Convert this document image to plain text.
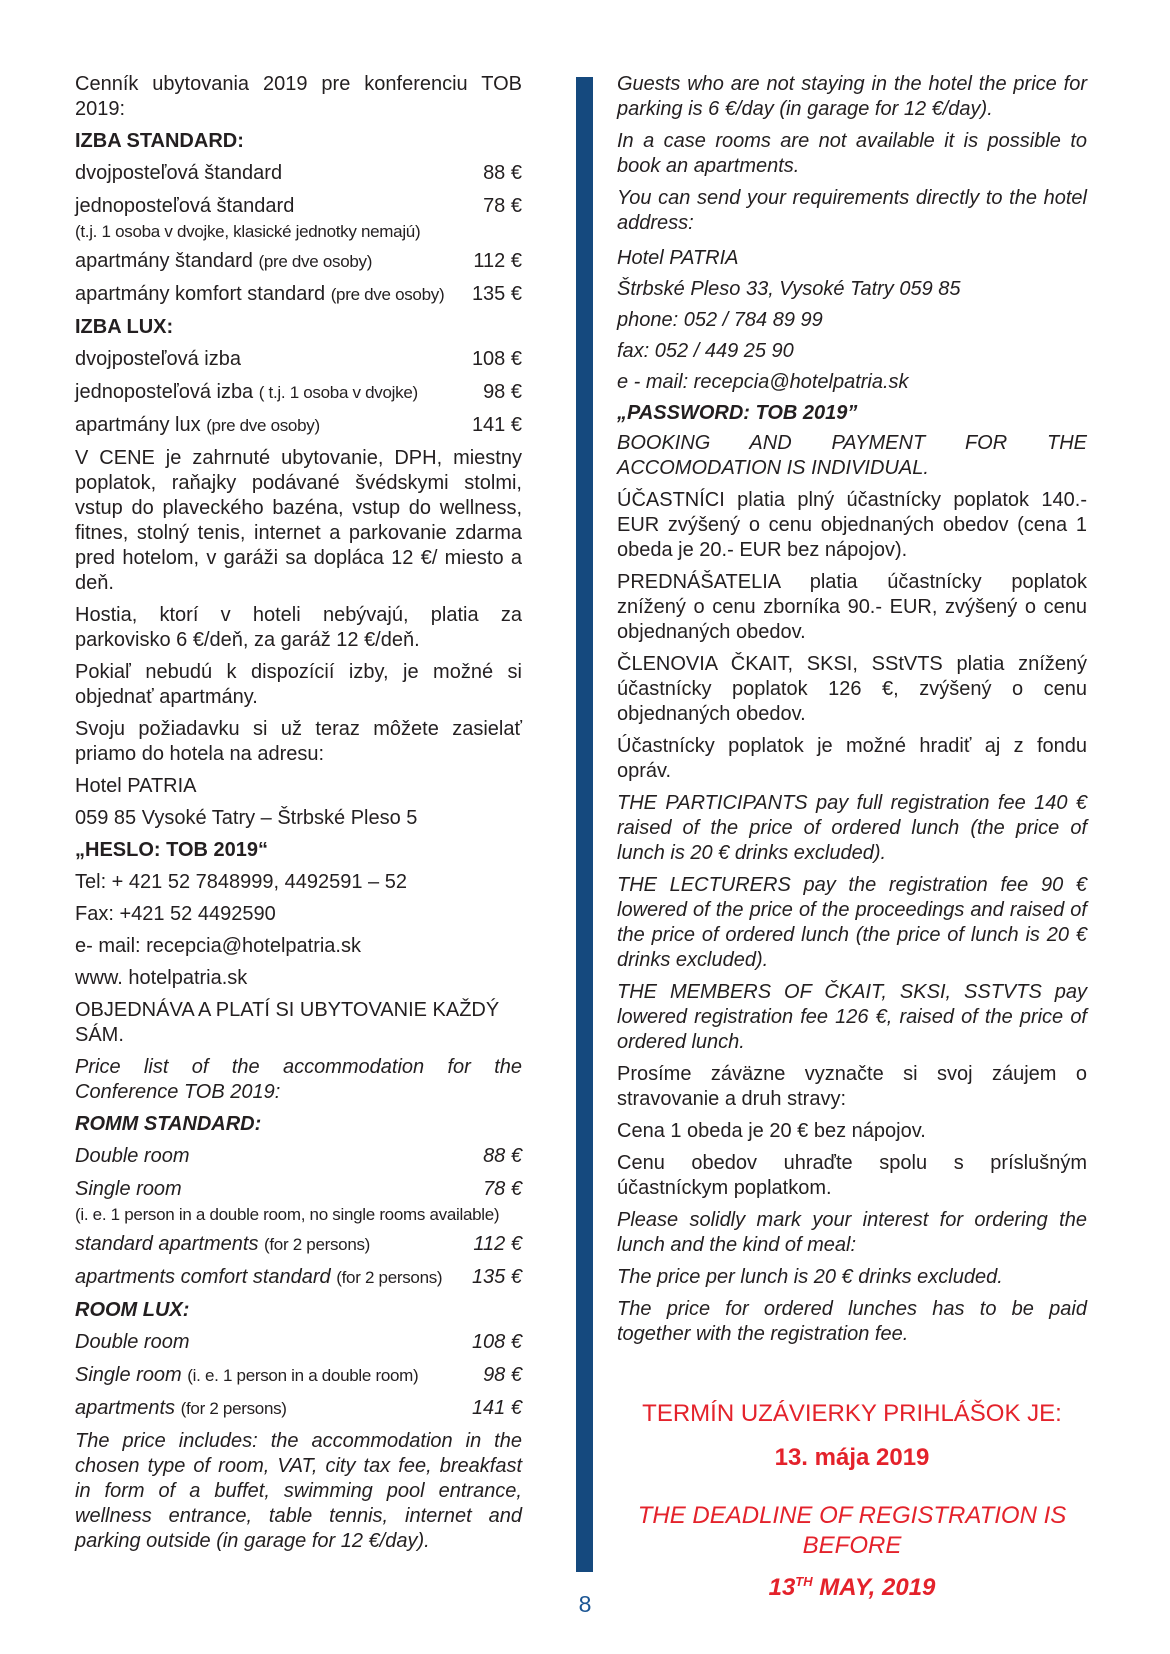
Cenník ubytovania 2019 pre konferenciu TOB 2019:

IZBA STANDARD:

dvojposteľová štandard	88 €
jednoposteľová štandard	78 €
(t.j. 1 osoba v dvojke, klasické jednotky nemajú)
apartmány štandard (pre dve osoby)	112 €
apartmány komfort standard (pre dve osoby)	135 €

IZBA LUX:

dvojposteľová izba	108 €
jednoposteľová izba ( t.j. 1 osoba v dvojke)	98 €
apartmány lux (pre dve osoby)	141 €

V CENE je zahrnuté ubytovanie, DPH, miestny poplatok, raňajky podávané švédskymi stolmi, vstup do plaveckého bazéna, vstup do wellness, fitnes, stolný tenis, internet a parkovanie zdarma pred hotelom, v garáži sa dopláca 12 €/ miesto a deň.

Hostia, ktorí v hoteli nebývajú, platia za parkovisko 6 €/deň, za garáž 12 €/deň.

Pokiaľ nebudú k dispozícií izby, je možné si objednať apartmány.

Svoju požiadavku si už teraz môžete zasielať priamo do hotela na adresu:

Hotel PATRIA

059 85 Vysoké Tatry – Štrbské Pleso 5

„HESLO: TOB 2019“

Tel: + 421 52 7848999, 4492591 – 52

Fax: +421 52 4492590

e- mail: recepcia@hotelpatria.sk

www. hotelpatria.sk

OBJEDNÁVA A PLATÍ SI UBYTOVANIE KAŽDÝ SÁM.

Price list of the accommodation for the Conference TOB 2019:

ROMM STANDARD:

Double room	88 €
Single room	78 €
(i. e. 1 person in a double room, no single rooms available)
standard apartments (for 2 persons)	112 €
apartments comfort standard (for 2 persons)	135 €

ROOM LUX:

Double room	108 €
Single room (i. e. 1 person in a double room)	98 €
apartments (for 2 persons)	141 €

The price includes: the accommodation in the chosen type of room, VAT, city tax fee, breakfast in form of a buffet, swimming pool entrance, wellness entrance, table tennis, internet and parking outside (in garage for 12 €/day).

Guests who are not staying in the hotel the price for parking is 6 €/day (in garage for 12 €/day).

In a case rooms are not available it is possible to book an apartments.

You can send your requirements directly to the hotel address:

Hotel PATRIA
Štrbské Pleso 33, Vysoké Tatry 059 85
phone: 052 / 784 89 99
fax: 052 / 449 25 90
e - mail: recepcia@hotelpatria.sk
„PASSWORD: TOB 2019”

BOOKING AND PAYMENT FOR THE ACCOMODATION IS INDIVIDUAL.

ÚČASTNÍCI platia plný účastnícky poplatok 140.- EUR zvýšený o cenu objednaných obedov (cena 1 obeda je 20.- EUR bez nápojov).

PREDNÁŠATELIA platia účastnícky poplatok znížený o cenu zborníka 90.- EUR, zvýšený o cenu objednaných obedov.

ČLENOVIA ČKAIT, SKSI, SStVTS platia znížený účastnícky poplatok 126 €, zvýšený o cenu objednaných obedov.

Účastnícky poplatok je možné hradiť aj z fondu opráv.

THE PARTICIPANTS pay full registration fee 140 € raised of the price of ordered lunch (the price of lunch is 20 € drinks excluded).

THE LECTURERS pay the registration fee 90 € lowered of the price of the proceedings and raised of the price of ordered lunch (the price of lunch is 20 € drinks excluded).

THE MEMBERS OF ČKAIT, SKSI, SSTVTS pay lowered registration fee 126 €, raised of the price of ordered lunch.

Prosíme záväzne vyznačte si svoj záujem o stravovanie a druh stravy:

Cena 1 obeda je 20 € bez nápojov.

Cenu obedov uhraďte spolu s príslušným účastníckym poplatkom.

Please solidly mark your interest for ordering the lunch and the kind of meal:

The price per lunch is 20 € drinks excluded.

The price for ordered lunches has to be paid together with the registration fee.

TERMÍN UZÁVIERKY PRIHLÁŠOK JE:

13. mája 2019

THE DEADLINE OF REGISTRATION IS BEFORE

13TH MAY, 2019

8
